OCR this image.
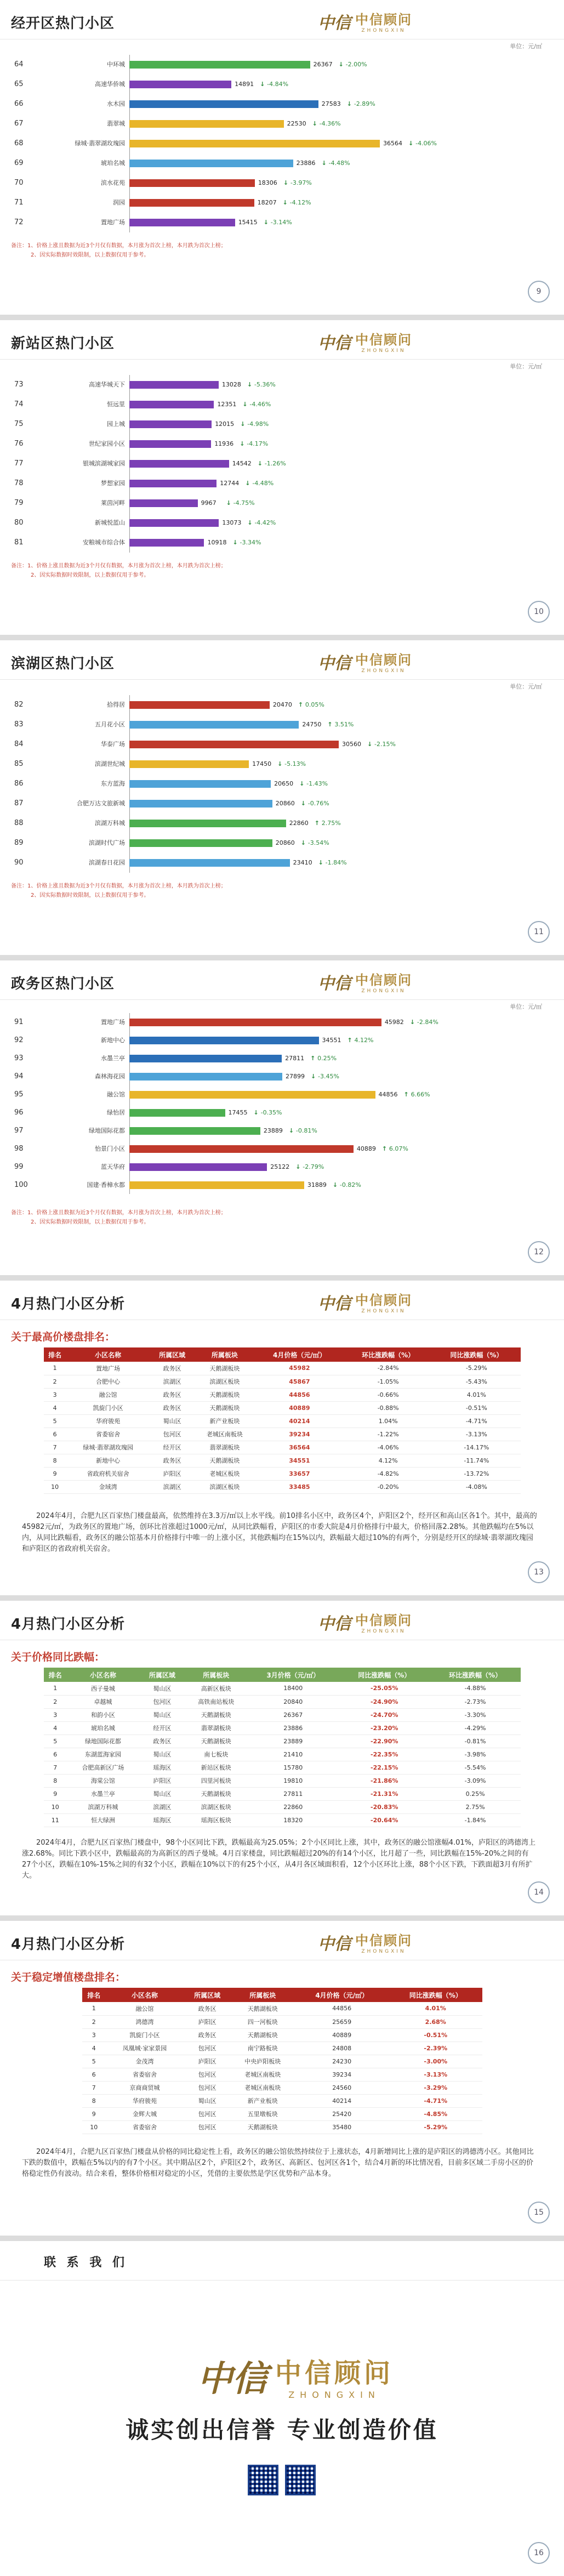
经开区热门小区	中信 中信顾问
ZHONGXIN
单位：元/㎡
64	中环城	26367 ↓ -2.00%
65	高速华侨城	14891 ↓ -4.84%
66	水木园	27583 ↓ -2.89%
67	翡翠城	22530 ↓ -4.36%
68	绿城·翡翠湖玫瑰园	36564 ↓ -4.06%
69	琥珀名城	23886 ↓ -4.48%
70	滨水花苑	18306 ↓ -3.97%
71	润园	18207 ↓ -4.12%
72	置地广场	15415 ↓ -3.14%
备注：1、价格上涨且数据为近3个月仅有数据，本月涨为首次上榜，本月跌为首次上榜；
2、因实际数据时效限制，以上数据仅用于参考。
9
新站区热门小区	中信 中信顾问
ZHONGXIN
单位：元/㎡
73	高速华城天下	13028 ↓ -5.36%
74	恒远里	12351 ↓ -4.46%
75	园上城	12015 ↓ -4.98%
76	世纪家园小区	11936 ↓ -4.17%
77	银城滨湖城家园	14542 ↓ -1.26%
78	梦想家园	12744 ↓ -4.48%
79	莱茵河畔	9967 ↓ -4.75%
80	新城悦蓝山	13073 ↓ -4.42%
81	安粮城市综合体	10918 ↓ -3.34%
备注：1、价格上涨且数据为近3个月仅有数据，本月涨为首次上榜，本月跌为首次上榜；
2、因实际数据时效限制，以上数据仅用于参考。
10
滨湖区热门小区	中信 中信顾问
ZHONGXIN
单位：元/㎡
82	拾得居	20470 ↑ 0.05%
83	五月花小区	24750 ↑ 3.51%
84	华泰广场	30560 ↓ -2.15%
85	滨湖世纪城	17450 ↓ -5.13%
86	东方蓝海	20650 ↓ -1.43%
87	合肥万达文旅新城	20860 ↓ -0.76%
88	滨湖万科城	22860 ↑ 2.75%
89	滨湖时代广场	20860 ↓ -3.54%
90	滨湖春日花园	23410 ↓ -1.84%
备注：1、价格上涨且数据为近3个月仅有数据，本月涨为首次上榜，本月跌为首次上榜；
2、因实际数据时效限制，以上数据仅用于参考。
11
政务区热门小区	中信 中信顾问
ZHONGXIN
单位：元/㎡
91	置地广场	45982 ↓ -2.84%
92	新地中心	34551 ↑ 4.12%
93	水墨兰亭	27811 ↑ 0.25%
94	森林海花园	27899 ↓ -3.45%
95	融公馆	44856 ↑ 6.66%
96	绿怡居	17455 ↓ -0.35%
97	绿地国际花都	23889 ↓ -0.81%
98	怡景门小区	40889 ↑ 6.07%
99	蓝天华府	25122 ↓ -2.79%
100	国建·香樟水都	31889 ↓ -0.82%
备注：1、价格上涨且数据为近3个月仅有数据，本月涨为首次上榜，本月跌为首次上榜；
2、因实际数据时效限制，以上数据仅用于参考。
12
4月热门小区分析	中信 中信顾问
ZHONGXIN
关于最高价楼盘排名：
排名	小区名称	所属区域	所属板块	4月价格（元/㎡）	环比涨跌幅（%）	同比涨跌幅（%）
1	置地广场	政务区	天鹅湖板块	45982	-2.84%	-5.29%
2	合肥中心	滨湖区	滨湖区板块	45867	-1.05%	-5.43%
3	融公馆	政务区	天鹅湖板块	44856	-0.66%	4.01%
4	凯旋门小区	政务区	天鹅湖板块	40889	-0.88%	-0.51%
5	华府骏苑	蜀山区	新产业板块	40214	1.04%	-4.71%
6	省委宿舍	包河区	老城区南板块	39234	-1.22%	-3.13%
7	绿城·翡翠湖玫瑰园	经开区	翡翠湖板块	36564	-4.06%	-14.17%
8	新地中心	政务区	天鹅湖板块	34551	4.12%	-11.74%
9	省政府机关宿舍	庐阳区	老城区板块	33657	-4.82%	-13.72%
10	金域湾	滨湖区	滨湖区板块	33485	-0.20%	-4.08%
2024年4月，合肥九区百家热门楼盘最高，依然维持在3.3万/㎡以上水平线。前10排名小区中，政务区4个，庐阳区2个，经开区和高山区各1个。其中，最高的45982元/㎡，为政务区的置地广场，创环比首涨超过1000元/㎡，从同比跌幅看，庐阳区的市委大院是4月价格排行中最大，价格回落2.28%。其他跌幅均在5%以内，从同比跌幅看，政务区的融公馆基本月价格排行中唯一的上涨小区，其他跌幅均在15%以内，跌幅最大超过10%的有两个，分别是经开区的绿城·翡翠湖玫瑰园和庐阳区的省政府机关宿舍。
13
4月热门小区分析	中信 中信顾问
ZHONGXIN
关于价格同比跌幅：
排名	小区名称	所属区域	所属板块	3月价格（元/㎡）	同比涨跌幅（%）	环比涨跌幅（%）
1	西子曼城	蜀山区	高新区板块	18400	-25.05%	-4.88%
2	卓越城	包河区	高铁南站板块	20840	-24.90%	-2.73%
3	和韵小区	蜀山区	天鹅湖板块	26367	-24.70%	-3.30%
4	琥珀名城	经开区	翡翠湖板块	23886	-23.20%	-4.29%
5	绿地国际花都	政务区	天鹅湖板块	23889	-22.90%	-0.81%
6	东湖蓝海家园	蜀山区	南七板块	21410	-22.35%	-3.98%
7	合肥高新区广场	瑶海区	新站区板块	15780	-22.15%	-5.54%
8	海棠公馆	庐阳区	四里河板块	19810	-21.86%	-3.09%
9	水墨兰亭	蜀山区	天鹅湖板块	27811	-21.31%	0.25%
10	滨湖万科城	滨湖区	滨湖区板块	22860	-20.83%	2.75%
11	恒大绿洲	瑶海区	瑶海区板块	18320	-20.64%	-1.84%
2024年4月，合肥九区百家热门楼盘中，98个小区同比下跌，跌幅最高为25.05%；2个小区同比上涨，其中，政务区的融公馆涨幅4.01%，庐阳区的鸿德湾上涨2.68%。同比下跌小区中，跌幅最高的为高新区的西子曼城。4月百家楼盘，同比跌幅超过20%的有14个小区，比月超了一些，同比跌幅在15%-20%之间的有27个小区，跌幅在10%-15%之间的有32个小区，跌幅在10%以下的有25个小区，从4月各区域面积看，12个小区环比上涨，88个小区下跌，下跌面超3月有所扩大。
14
4月热门小区分析	中信 中信顾问
ZHONGXIN
关于稳定增值楼盘排名：
排名	小区名称	所属区域	所属板块	4月价格（元/㎡）	同比涨跌幅（%）
1	融公馆	政务区	天鹅湖板块	44856	4.01%
2	鸿德湾	庐阳区	四一河板块	25659	2.68%
3	凯旋门小区	政务区	天鹅湖板块	40889	-0.51%
4	凤凰城·家家景园	包河区	南宁路板块	24808	-2.39%
5	金茂湾	庐阳区	中央庐阳板块	24230	-3.00%
6	省委宿舍	包河区	老城区南板块	39234	-3.13%
7	京商商贸城	包河区	老城区南板块	24560	-3.29%
8	华府骏苑	蜀山区	新产业板块	40214	-4.71%
9	金辉大城	包河区	五里墩板块	25420	-4.85%
10	省委宿舍	包河区	天鹅湖板块	35480	-5.29%
2024年4月，合肥九区百家热门楼盘从价格的同比稳定性上看，政务区的融公馆依然持续位于上涨状态，4月新增同比上涨的是庐阳区的鸿德湾小区。其他同比下跌的数值中，跌幅在5%以内的有7个小区。其中期品区2个，庐阳区2个，政务区、高新区、包河区各1个，结合4月新的环比情况看，目前多区域二手房小区的价格稳定性仍有波动。结合来看，整体价格相对稳定的小区，凭借的主要依然是学区优势和产品本身。
15
联 系 我 们
中信 中信顾问
ZHONGXIN
诚实创出信誉 专业创造价值
16
